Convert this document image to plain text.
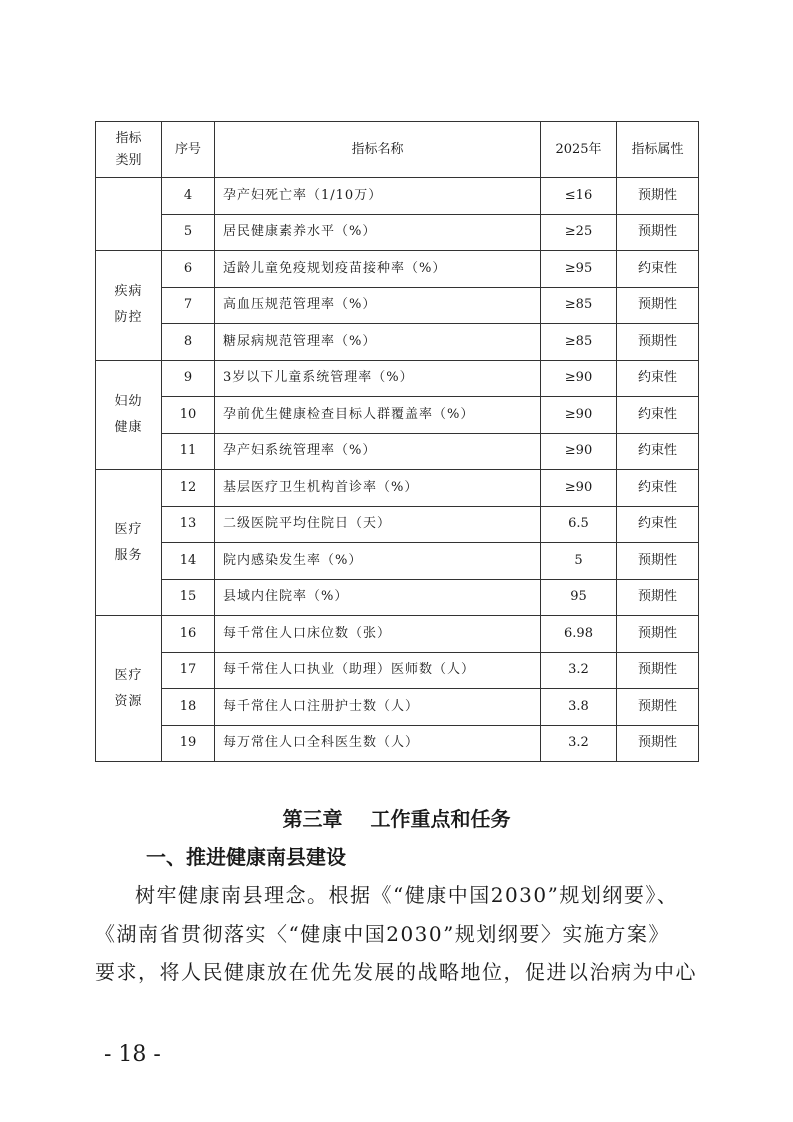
指标类别	序号	指标名称	2025年	指标属性

	4	孕产妇死亡率（1/10万）	≤16	预期性
	5	居民健康素养水平（%）	≥25	预期性

疾病防控	6	适龄儿童免疫规划疫苗接种率（%）	≥95	约束性
	7	高血压规范管理率（%）	≥85	预期性
	8	糖尿病规范管理率（%）	≥85	预期性

妇幼健康	9	3岁以下儿童系统管理率（%）	≥90	约束性
	10	孕前优生健康检查目标人群覆盖率（%）	≥90	约束性
	11	孕产妇系统管理率（%）	≥90	约束性

医疗服务	12	基层医疗卫生机构首诊率（%）	≥90	约束性
	13	二级医院平均住院日（天）	6.5	约束性
	14	院内感染发生率（%）	5	预期性
	15	县域内住院率（%）	95	预期性

医疗资源	16	每千常住人口床位数（张）	6.98	预期性
	17	每千常住人口执业（助理）医师数（人）	3.2	预期性
	18	每千常住人口注册护士数（人）	3.8	预期性
	19	每万常住人口全科医生数（人）	3.2	预期性
第三章 工作重点和任务
一、推进健康南县建设
树牢健康南县理念。根据《“健康中国2030”规划纲要》、
《湖南省贯彻落实〈“健康中国2030”规划纲要〉实施方案》
要求，将人民健康放在优先发展的战略地位，促进以治病为中心
- 18 -
